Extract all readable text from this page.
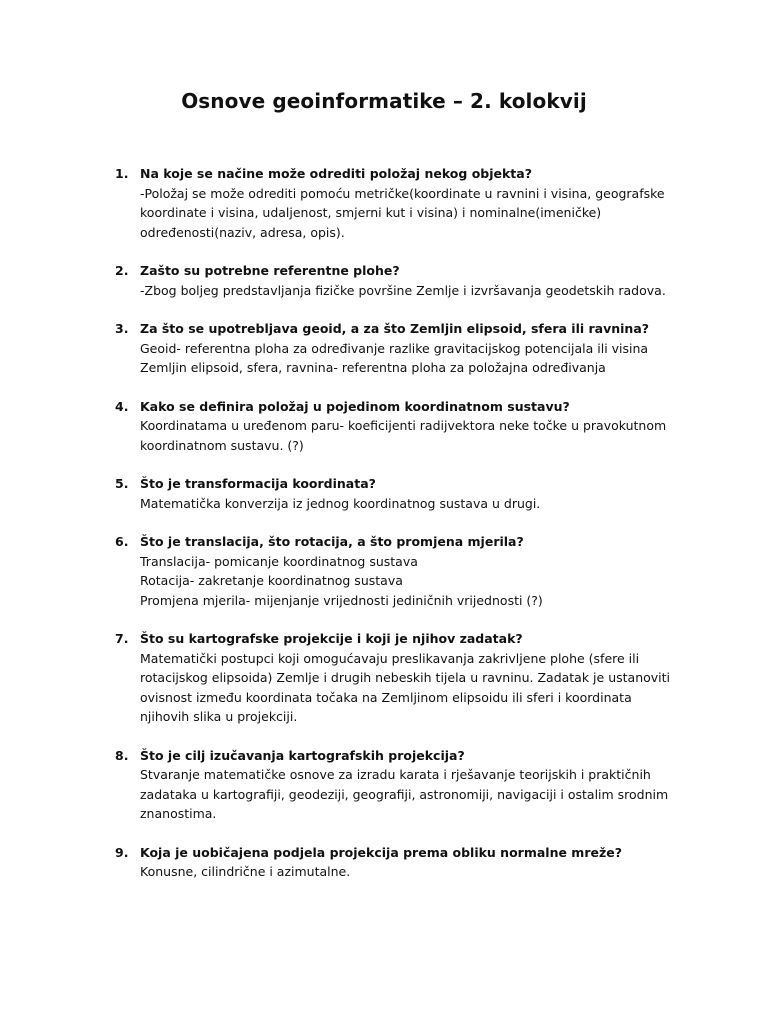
Osnove geoinformatike – 2. kolokvij
1. Na koje se načine može odrediti položaj nekog objekta?
-Položaj se može odrediti pomoću metričke(koordinate u ravnini i visina, geografske
koordinate i visina, udaljenost, smjerni kut i visina) i nominalne(imeničke)
određenosti(naziv, adresa, opis).
2. Zašto su potrebne referentne plohe?
-Zbog boljeg predstavljanja fizičke površine Zemlje i izvršavanja geodetskih radova.
3. Za što se upotrebljava geoid, a za što Zemljin elipsoid, sfera ili ravnina?
Geoid- referentna ploha za određivanje razlike gravitacijskog potencijala ili visina
Zemljin elipsoid, sfera, ravnina- referentna ploha za položajna određivanja
4. Kako se definira položaj u pojedinom koordinatnom sustavu?
Koordinatama u uređenom paru- koeficijenti radijvektora neke točke u pravokutnom
koordinatnom sustavu. (?)
5. Što je transformacija koordinata?
Matematička konverzija iz jednog koordinatnog sustava u drugi.
6. Što je translacija, što rotacija, a što promjena mjerila?
Translacija- pomicanje koordinatnog sustava
Rotacija- zakretanje koordinatnog sustava
Promjena mjerila- mijenjanje vrijednosti jediničnih vrijednosti (?)
7. Što su kartografske projekcije i koji je njihov zadatak?
Matematički postupci koji omogućavaju preslikavanja zakrivljene plohe (sfere ili
rotacijskog elipsoida) Zemlje i drugih nebeskih tijela u ravninu. Zadatak je ustanoviti
ovisnost između koordinata točaka na Zemljinom elipsoidu ili sferi i koordinata
njihovih slika u projekciji.
8. Što je cilj izučavanja kartografskih projekcija?
Stvaranje matematičke osnove za izradu karata i rješavanje teorijskih i praktičnih
zadataka u kartografiji, geodeziji, geografiji, astronomiji, navigaciji i ostalim srodnim
znanostima.
9. Koja je uobičajena podjela projekcija prema obliku normalne mreže?
Konusne, cilindrične i azimutalne.
